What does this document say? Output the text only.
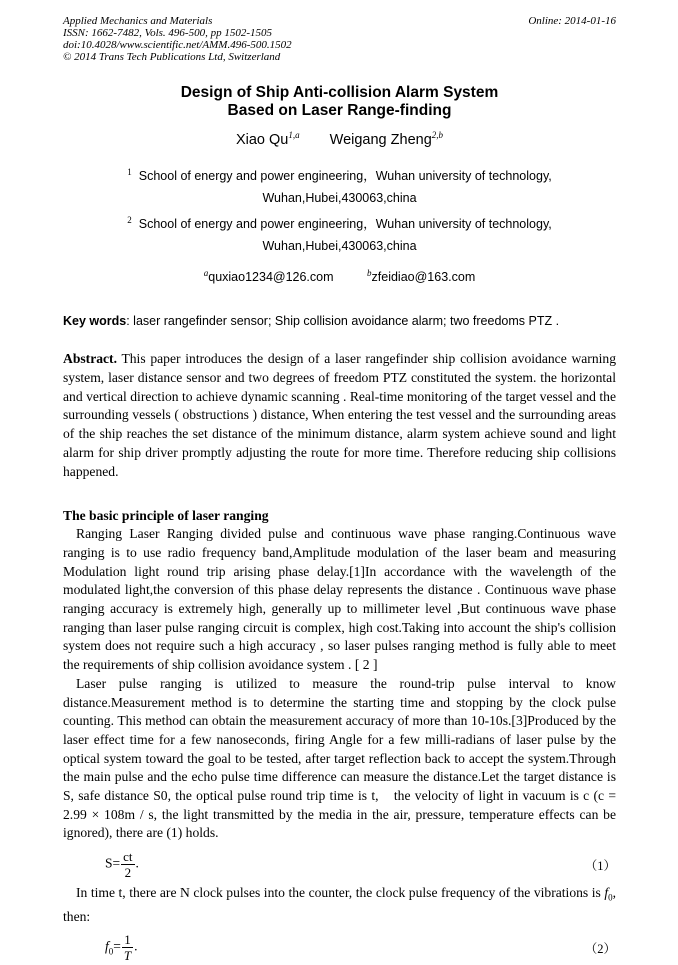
Applied Mechanics and Materials
ISSN: 1662-7482, Vols. 496-500, pp 1502-1505
doi:10.4028/www.scientific.net/AMM.496-500.1502
© 2014 Trans Tech Publications Ltd, Switzerland
Online: 2014-01-16
Design of Ship Anti-collision Alarm System
Based on Laser Range-finding
Xiao Qu$^{1,a}$ Weigang Zheng$^{2,b}$
$^1$ School of energy and power engineering，Wuhan university of technology,
Wuhan,Hubei,430063,china
$^2$ School of energy and power engineering，Wuhan university of technology,
Wuhan,Hubei,430063,china
$^a$quxiao1234@126.com	$^b$zfeidiao@163.com

Key words: laser rangefinder sensor; Ship collision avoidance alarm; two freedoms PTZ .

Abstract. This paper introduces the design of a laser rangefinder ship collision avoidance warning system, laser distance sensor and two degrees of freedom PTZ constituted the system. the horizontal and vertical direction to achieve dynamic scanning . Real-time monitoring of the target vessel and the surrounding vessels ( obstructions ) distance, When entering the test vessel and the surrounding areas of the ship reaches the set distance of the minimum distance, alarm system achieve sound and light alarm for ship driver promptly adjusting the route for more time. Therefore reducing ship collisions happened.

The basic principle of laser ranging

Ranging Laser Ranging divided pulse and continuous wave phase ranging.Continuous wave ranging is to use radio frequency band,Amplitude modulation of the laser beam and measuring Modulation light round trip arising phase delay.[1]In accordance with the wavelength of the modulated light,the conversion of this phase delay represents the distance . Continuous wave phase ranging accuracy is extremely high, generally up to millimeter level ,But continuous wave phase ranging than laser pulse ranging circuit is complex, high cost.Taking into account the ship's collision system does not require such a high accuracy , so laser pulses ranging method is fully able to meet the requirements of ship collision avoidance system . [ 2 ]

Laser pulse ranging is utilized to measure the round-trip pulse interval to know distance.Measurement method is to determine the starting time and stopping by the clock pulse counting. This method can obtain the measurement accuracy of more than 10-10s.[3]Produced by the laser effect time for a few nanoseconds, firing Angle for a few milli-radians of laser pulse by the optical system toward the goal to be tested, after target reflection back to accept the system.Through the main pulse and the echo pulse time difference can measure the distance.Let the target distance is S, safe distance S0, the optical pulse round trip time is t,　the velocity of light in vacuum is c (c = 2.99 × 108m / s, the light transmitted by the media in the air, pressure, temperature effects can be ignored), there are (1) holds.

$S= \frac{ct}{2}$ .	（1）

In time t, there are N clock pulses into the counter, the clock pulse frequency of the vibrations is $f_0$, then:

$f_0= \frac{1}{T}$ .	（2）
